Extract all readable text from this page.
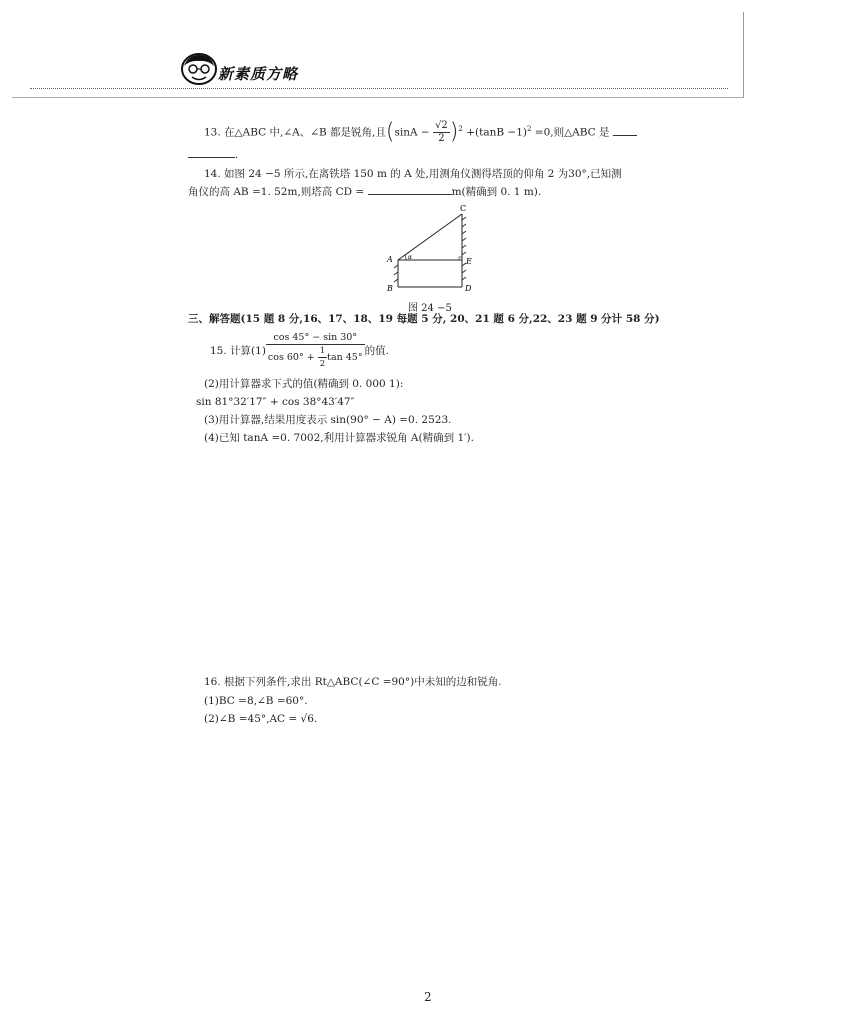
新素质方略
13. 在△ABC 中,∠A、∠B 都是锐角,且$(\sin A - \frac{√2}{2} )^2 +(\tan B -1)^2 =0$,则△ABC 是
.
14. 如图 24 −5 所示,在离铁塔 150 m 的 A 处,用测角仪测得塔顶的仰角 2 为30°,已知测
角仪的高 AB =1. 52m,则塔高 CD =	m(精确到 0. 1 m).
C
A	α	E
B	D
图 24 −5
三、解答题(15 题 8 分,16、17、18、19 每题 5 分, 20、21 题 6 分,22、23 题 9 分计 58 分)
15. 计算$(1) \frac{\cos 45^\circ - \sin 30^\circ}{\cos 60^\circ + \frac{1}{2} \tan 45^\circ}$ 的值.
(2)用计算器求下式的值(精确到 0. 000 1):
sin 81°32′17″ + cos 38°43′47″
(3)用计算器,结果用度表示 sin(90° − A) =0. 2523.
(4)已知 tanA =0. 7002,利用计算器求锐角 A(精确到 1′).
16. 根据下列条件,求出 Rt△ABC(∠C =90°)中未知的边和锐角.
(1)BC =8,∠B =60°.
(2)∠B =45°,AC = √6.
2
